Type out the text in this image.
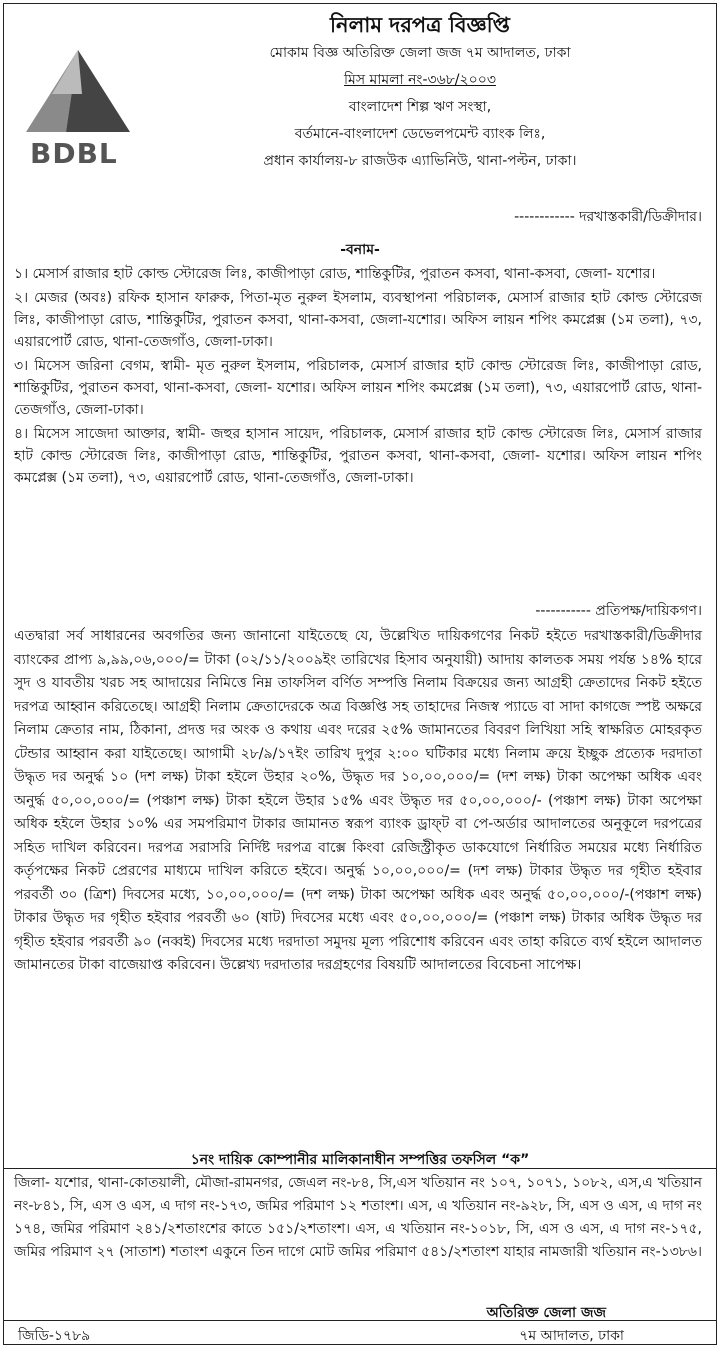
BDBL
নিলাম দরপত্র বিজ্ঞপ্তি
মোকাম বিজ্ঞ অতিরিক্ত জেলা জজ ৭ম আদালত, ঢাকা
মিস মামলা নং-৩৬৮/২০০৩
বাংলাদেশ শিল্প ঋণ সংস্থা,
বর্তমানে-বাংলাদেশ ডেভেলপমেন্ট ব্যাংক লিঃ,
প্রধান কার্যালয়-৮ রাজউক এ্যাভিনিউ, থানা-পল্টন, ঢাকা।
------------ দরখাস্তকারী/ডিক্রীদার।
-বনাম-

১। মেসার্স রাজার হাট কোল্ড স্টোরেজ লিঃ, কাজীপাড়া রোড, শান্তিকুটির, পুরাতন কসবা, থানা-কসবা, জেলা- যশোর।

২। মেজর (অবঃ) রফিক হাসান ফারুক, পিতা-মৃত নুরুল ইসলাম, ব্যবস্থাপনা পরিচালক, মেসার্স রাজার হাট কোল্ড স্টোরেজ লিঃ, কাজীপাড়া রোড, শান্তিকুটির, পুরাতন কসবা, থানা-কসবা, জেলা-যশোর। অফিস লায়ন শপিং কমপ্লেক্স (১ম তলা), ৭৩, এয়ারপোর্ট রোড, থানা-তেজগাঁও, জেলা-ঢাকা।

৩। মিসেস জরিনা বেগম, স্বামী- মৃত নুরুল ইসলাম, পরিচালক, মেসার্স রাজার হাট কোল্ড স্টোরেজ লিঃ, কাজীপাড়া রোড, শান্তিকুটির, পুরাতন কসবা, থানা-কসবা, জেলা- যশোর। অফিস লায়ন শপিং কমপ্লেক্স (১ম তলা), ৭৩, এয়ারপোর্ট রোড, থানা-তেজগাঁও, জেলা-ঢাকা।

৪। মিসেস সাজেদা আক্তার, স্বামী- জহুর হাসান সায়েদ, পরিচালক, মেসার্স রাজার হাট কোল্ড স্টোরেজ লিঃ, মেসার্স রাজার হাট কোল্ড স্টোরেজ লিঃ, কাজীপাড়া রোড, শান্তিকুটির, পুরাতন কসবা, থানা-কসবা, জেলা- যশোর। অফিস লায়ন শপিং কমপ্লেক্স (১ম তলা), ৭৩, এয়ারপোর্ট রোড, থানা-তেজগাঁও, জেলা-ঢাকা।

----------- প্রতিপক্ষ/দায়িকগণ।
এতদ্বারা সর্ব সাধারনের অবগতির জন্য জানানো যাইতেছে যে, উল্লেখিত দায়িকগণের নিকট হইতে দরখাস্তকারী/ডিক্রীদার ব্যাংকের প্রাপ্য ৯,৯৯,০৬,০০০/= টাকা (০২/১১/২০০৯ইং তারিখের হিসাব অনুযায়ী) আদায় কালতক সময় পর্যন্ত ১৪% হারে সুদ ও যাবতীয় খরচ সহ আদায়ের নিমিত্তে নিম্ন তাফসিল বর্ণিত সম্পত্তি নিলাম বিক্রয়ের জন্য আগ্রহী ক্রেতাদের নিকট হইতে দরপত্র আহ্বান করিতেছে। আগ্রহী নিলাম ক্রেতাদেরকে অত্র বিজ্ঞপ্তি সহ তাহাদের নিজস্ব প্যাডে বা সাদা কাগজে স্পষ্ট অক্ষরে নিলাম ক্রেতার নাম, ঠিকানা, প্রদত্ত দর অংক ও কথায় এবং দরের ২৫% জামানতের বিবরণ লিখিয়া সহি স্বাক্ষরিত মোহরকৃত টেন্ডার আহ্বান করা যাইতেছে। আগামী ২৮/৯/১৭ইং তারিখ দুপুর ২:০০ ঘটিকার মধ্যে নিলাম ক্রয়ে ইচ্ছুক প্রত্যেক দরদাতা উদ্ধৃত দর অনুর্দ্ধ ১০ (দশ লক্ষ) টাকা হইলে উহার ২০%, উদ্ধৃত দর ১০,০০,০০০/= (দশ লক্ষ) টাকা অপেক্ষা অধিক এবং অনুর্দ্ধ ৫০,০০,০০০/= (পঞ্চাশ লক্ষ) টাকা হইলে উহার ১৫% এবং উদ্ধৃত দর ৫০,০০,০০০/- (পঞ্চাশ লক্ষ) টাকা অপেক্ষা অধিক হইলে উহার ১০% এর সমপরিমাণ টাকার জামানত স্বরূপ ব্যাংক ড্রাফ্‌ট বা পে-অর্ডার আদালতের অনুকূলে দরপত্রের সহিত দাখিল করিবেন। দরপত্র সরাসরি নির্দিষ্ট দরপত্র বাক্সে কিংবা রেজিস্ট্রীকৃত ডাকযোগে নির্ধারিত সময়ের মধ্যে নির্ধারিত কর্তৃপক্ষের নিকট প্রেরণের মাধ্যমে দাখিল করিতে হইবে। অনুর্দ্ধ ১০,০০,০০০/= (দশ লক্ষ) টাকার উদ্ধৃত দর গৃহীত হইবার পরবর্তী ৩০ (ত্রিশ) দিবসের মধ্যে, ১০,০০,০০০/= (দশ লক্ষ) টাকা অপেক্ষা অধিক এবং অনুর্দ্ধ ৫০,০০,০০০/-(পঞ্চাশ লক্ষ) টাকার উদ্ধৃত দর গৃহীত হইবার পরবর্তী ৬০ (ষাট) দিবসের মধ্যে এবং ৫০,০০,০০০/= (পঞ্চাশ লক্ষ) টাকার অধিক উদ্ধৃত দর গৃহীত হইবার পরবর্তী ৯০ (নব্বই) দিবসের মধ্যে দরদাতা সমুদয় মূল্য পরিশোধ করিবেন এবং তাহা করিতে ব্যর্থ হইলে আদালত জামানতের টাকা বাজেয়াপ্ত করিবেন। উল্লেখ্য দরদাতার দরগ্রহণের বিষয়টি আদালতের বিবেচনা সাপেক্ষ।
১নং দায়িক কোম্পানীর মালিকানাধীন সম্পত্তির তফসিল “ক”
জিলা- যশোর, থানা-কোতয়ালী, মৌজা-রামনগর, জেএল নং-৮৪, সি,এস খতিয়ান নং ১০৭, ১০৭১, ১০৮২, এস,এ খতিয়ান নং-৮৪১, সি, এস ও এস, এ দাগ নং-১৭৩, জমির পরিমাণ ১২ শতাংশ। এস, এ খতিয়ান নং-৯২৮, সি, এস ও এস, এ দাগ নং ১৭৪, জমির পরিমাণ ২৪১/২শতাংশের কাতে ১৫১/২শতাংশ। এস, এ খতিয়ান নং-১০১৮, সি, এস ও এস, এ দাগ নং-১৭৫, জমির পরিমাণ ২৭ (সাতাশ) শতাংশ একুনে তিন দাগে মোট জমির পরিমাণ ৫৪১/২শতাংশ যাহার নামজারী খতিয়ান নং-১৩৮৬।
অতিরিক্ত জেলা জজ
জিডি-১৭৮৯	৭ম আদালত, ঢাকা
